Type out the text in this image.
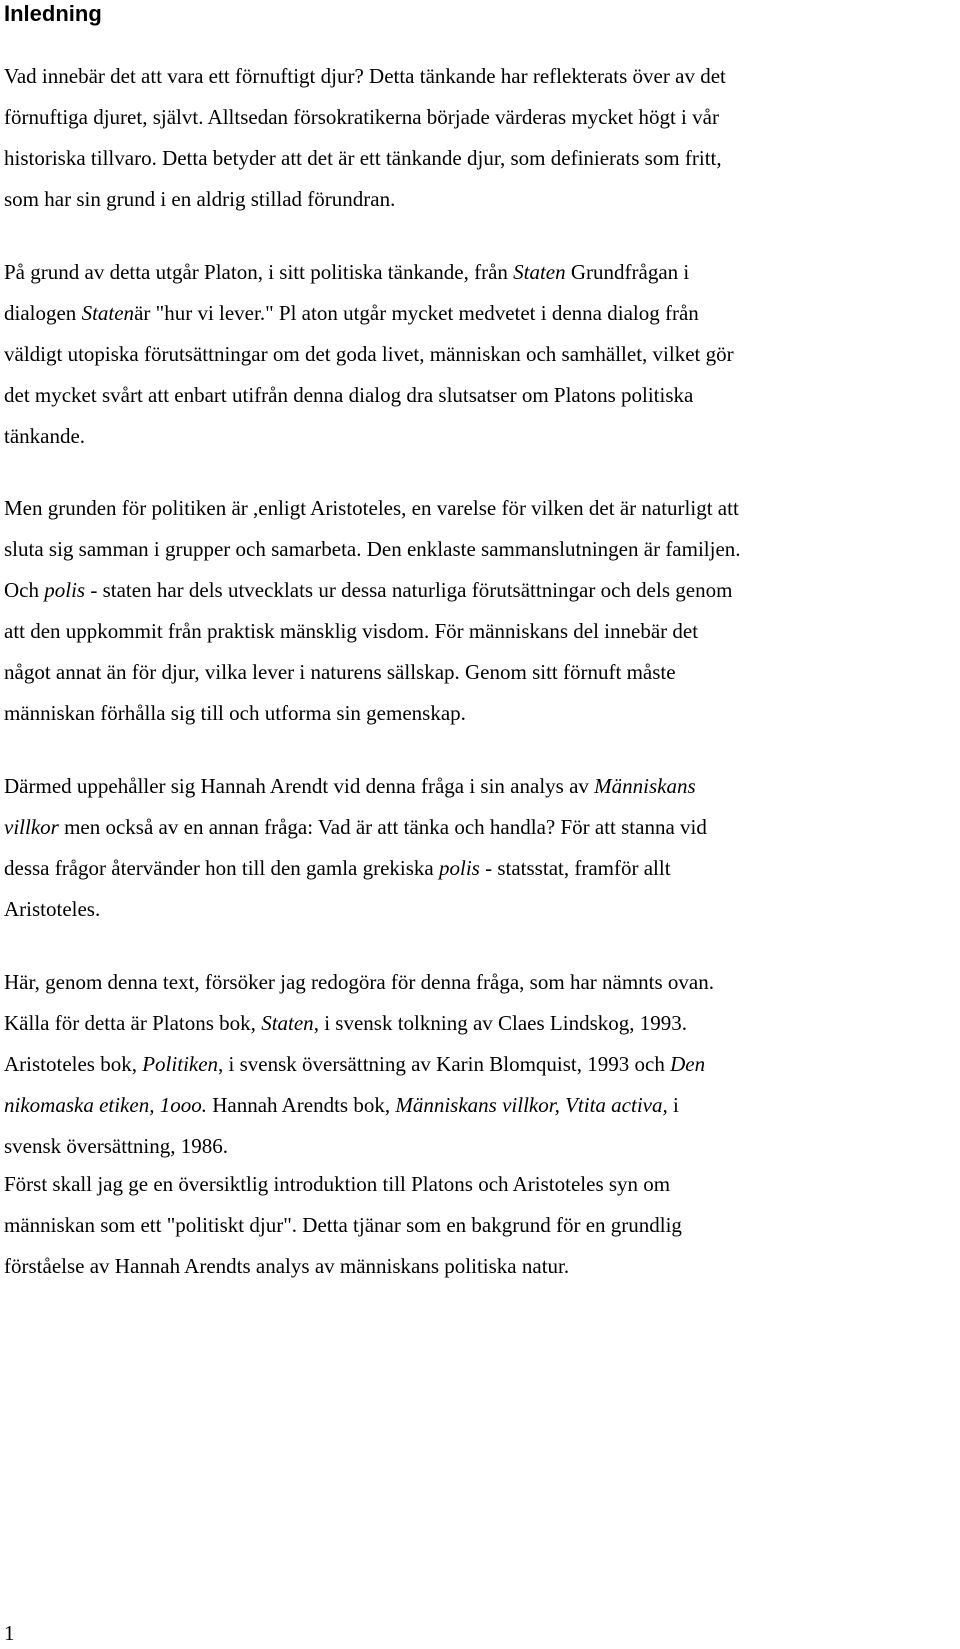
Inledning
Vad innebär det att vara ett förnuftigt djur? Detta tänkande har reflekterats över av det
förnuftiga djuret, självt. Alltsedan försokratikerna började värderas mycket högt i vår
historiska tillvaro. Detta betyder att det är ett tänkande djur, som definierats som fritt,
som har sin grund i en aldrig stillad förundran.
På grund av detta utgår Platon, i sitt politiska tänkande, från Staten Grundfrågan i
dialogen Statenär "hur vi lever." Pl aton utgår mycket medvetet i denna dialog från
väldigt utopiska förutsättningar om det goda livet, människan och samhället, vilket gör
det mycket svårt att enbart utifrån denna dialog dra slutsatser om Platons politiska
tänkande.
Men grunden för politiken är ,enligt Aristoteles, en varelse för vilken det är naturligt att
sluta sig samman i grupper och samarbeta. Den enklaste sammanslutningen är familjen.
Och polis - staten har dels utvecklats ur dessa naturliga förutsättningar och dels genom
att den uppkommit från praktisk mänsklig visdom. För människans del innebär det
något annat än för djur, vilka lever i naturens sällskap. Genom sitt förnuft måste
människan förhålla sig till och utforma sin gemenskap.
Därmed uppehåller sig Hannah Arendt vid denna fråga i sin analys av Människans
villkor men också av en annan fråga: Vad är att tänka och handla? För att stanna vid
dessa frågor återvänder hon till den gamla grekiska polis - statsstat, framför allt
Aristoteles.
Här, genom denna text, försöker jag redogöra för denna fråga, som har nämnts ovan.
Källa för detta är Platons bok, Staten, i svensk tolkning av Claes Lindskog, 1993.
Aristoteles bok, Politiken, i svensk översättning av Karin Blomquist, 1993 och Den
nikomaska etiken, 1ooo. Hannah Arendts bok, Människans villkor, Vtita activa, i
svensk översättning, 1986.
Först skall jag ge en översiktlig introduktion till Platons och Aristoteles syn om
människan som ett "politiskt djur". Detta tjänar som en bakgrund för en grundlig
förståelse av Hannah Arendts analys av människans politiska natur.
1
